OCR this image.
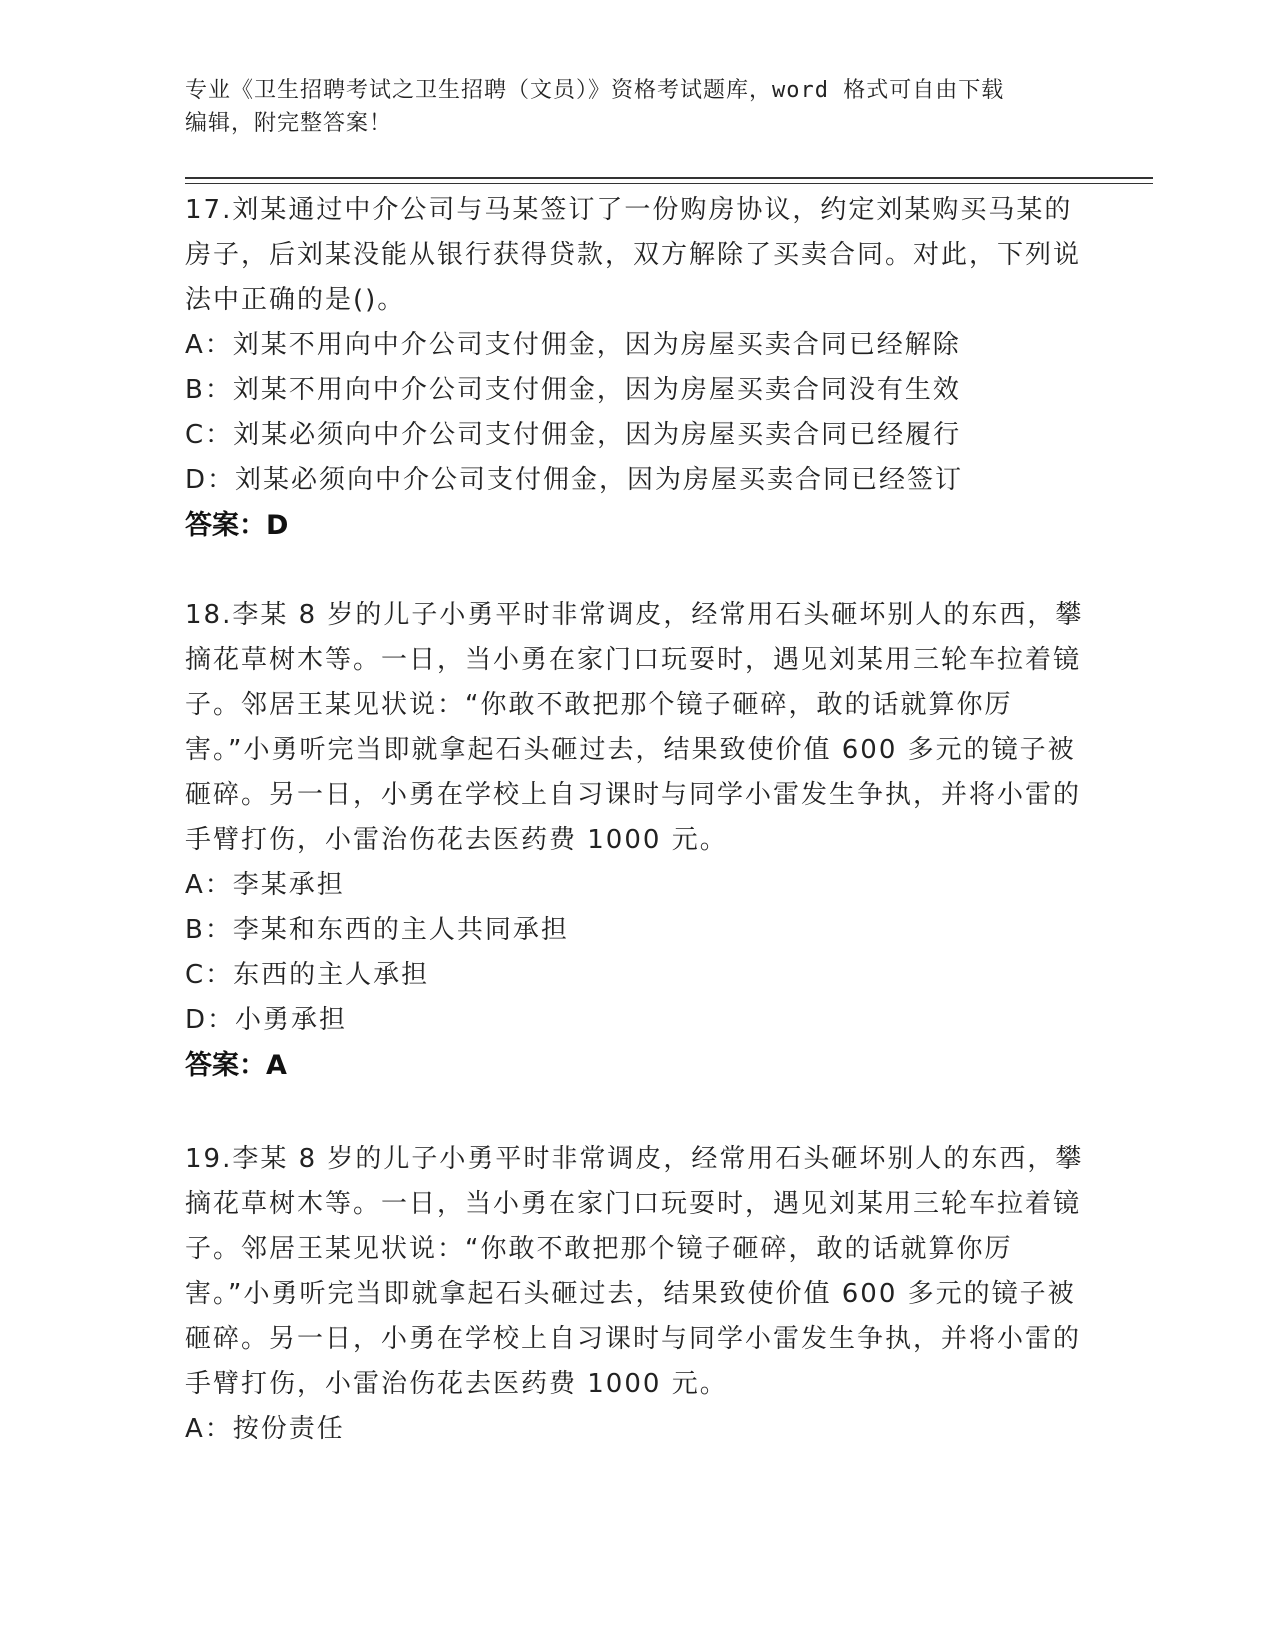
专业《卫生招聘考试之卫生招聘（文员）》资格考试题库，word 格式可自由下载
编辑，附完整答案！

17.刘某通过中介公司与马某签订了一份购房协议，约定刘某购买马某的房子，后刘某没能从银行获得贷款，双方解除了买卖合同。对此，下列说法中正确的是()。

A：刘某不用向中介公司支付佣金，因为房屋买卖合同已经解除
B：刘某不用向中介公司支付佣金，因为房屋买卖合同没有生效
C：刘某必须向中介公司支付佣金，因为房屋买卖合同已经履行
D：刘某必须向中介公司支付佣金，因为房屋买卖合同已经签订

答案：D

18.李某 8 岁的儿子小勇平时非常调皮，经常用石头砸坏别人的东西，攀摘花草树木等。一日，当小勇在家门口玩耍时，遇见刘某用三轮车拉着镜子。邻居王某见状说：“你敢不敢把那个镜子砸碎，敢的话就算你厉害。”小勇听完当即就拿起石头砸过去，结果致使价值 600 多元的镜子被砸碎。另一日，小勇在学校上自习课时与同学小雷发生争执，并将小雷的手臂打伤，小雷治伤花去医药费 1000 元。

A：李某承担
B：李某和东西的主人共同承担
C：东西的主人承担
D：小勇承担

答案：A

19.李某 8 岁的儿子小勇平时非常调皮，经常用石头砸坏别人的东西，攀摘花草树木等。一日，当小勇在家门口玩耍时，遇见刘某用三轮车拉着镜子。邻居王某见状说：“你敢不敢把那个镜子砸碎，敢的话就算你厉害。”小勇听完当即就拿起石头砸过去，结果致使价值 600 多元的镜子被砸碎。另一日，小勇在学校上自习课时与同学小雷发生争执，并将小雷的手臂打伤，小雷治伤花去医药费 1000 元。

A：按份责任
